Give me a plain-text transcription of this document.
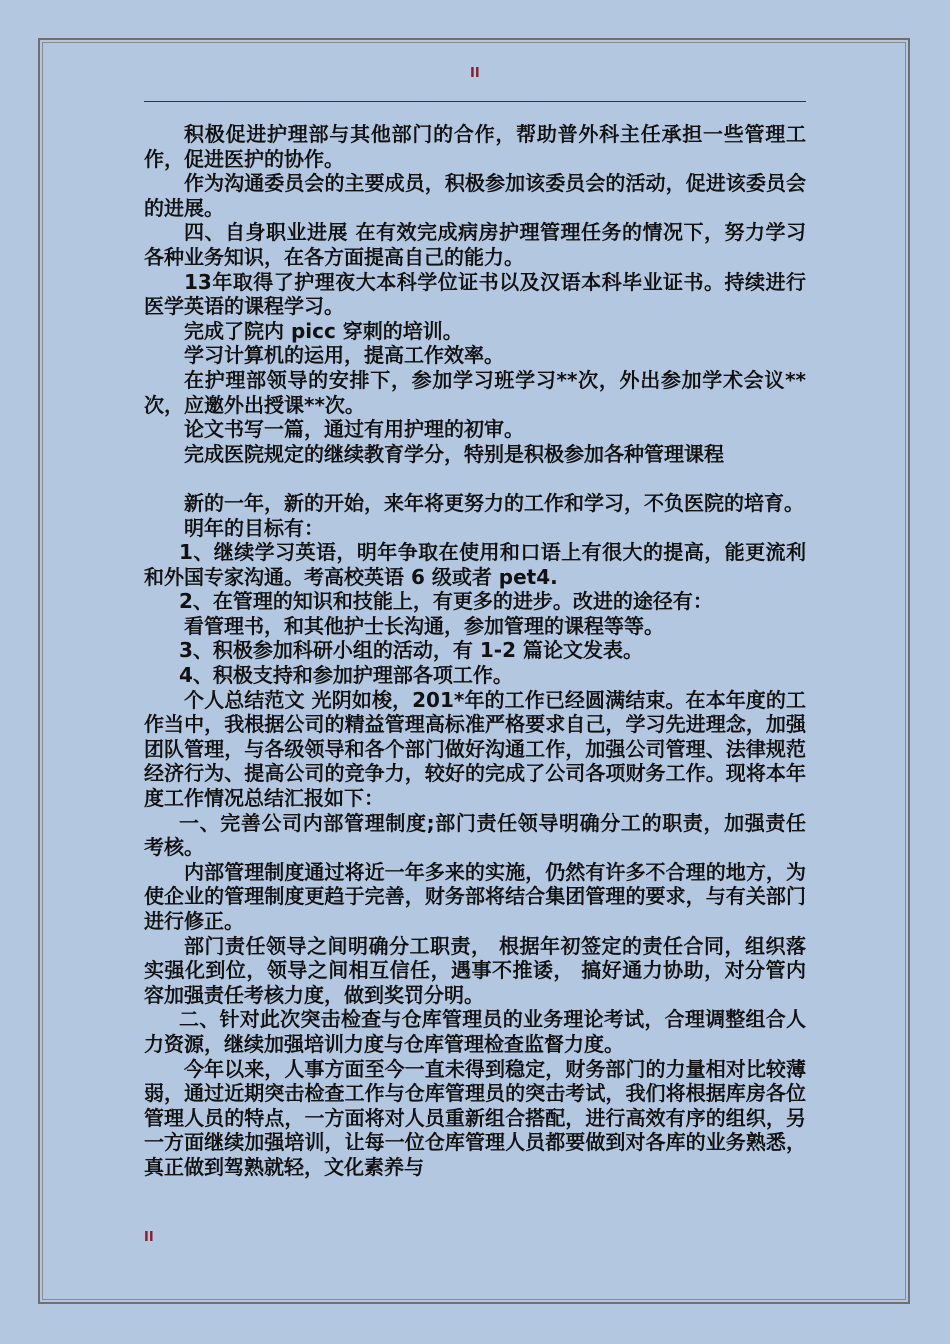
II

积极促进护理部与其他部门的合作，帮助普外科主任承担一些管理工作，促进医护的协作。

作为沟通委员会的主要成员，积极参加该委员会的活动，促进该委员会的进展。

四、自身职业进展 在有效完成病房护理管理任务的情况下，努力学习各种业务知识，在各方面提高自己的能力。

13年取得了护理夜大本科学位证书以及汉语本科毕业证书。持续进行医学英语的课程学习。

完成了院内 picc 穿刺的培训。

学习计算机的运用，提高工作效率。

在护理部领导的安排下，参加学习班学习**次，外出参加学术会议**次，应邀外出授课**次。

论文书写一篇，通过有用护理的初审。

完成医院规定的继续教育学分，特别是积极参加各种管理课程

新的一年，新的开始，来年将更努力的工作和学习，不负医院的培育。

明年的目标有：

1、继续学习英语，明年争取在使用和口语上有很大的提高，能更流利和外国专家沟通。考高校英语 6 级或者 pet4.

2、在管理的知识和技能上，有更多的进步。改进的途径有：

看管理书，和其他护士长沟通，参加管理的课程等等。

3、积极参加科研小组的活动，有 1-2 篇论文发表。

4、积极支持和参加护理部各项工作。

个人总结范文 光阴如梭，201*年的工作已经圆满结束。在本年度的工作当中，我根据公司的精益管理高标准严格要求自己，学习先进理念，加强团队管理，与各级领导和各个部门做好沟通工作，加强公司管理、法律规范经济行为、提高公司的竞争力，较好的完成了公司各项财务工作。现将本年度工作情况总结汇报如下：

一、完善公司内部管理制度;部门责任领导明确分工的职责，加强责任考核。

内部管理制度通过将近一年多来的实施，仍然有许多不合理的地方，为使企业的管理制度更趋于完善，财务部将结合集团管理的要求，与有关部门进行修正。

部门责任领导之间明确分工职责， 根据年初签定的责任合同，组织落实强化到位，领导之间相互信任，遇事不推诿， 搞好通力协助，对分管内容加强责任考核力度，做到奖罚分明。

二、针对此次突击检查与仓库管理员的业务理论考试，合理调整组合人力资源，继续加强培训力度与仓库管理检查监督力度。

今年以来，人事方面至今一直未得到稳定，财务部门的力量相对比较薄弱，通过近期突击检查工作与仓库管理员的突击考试，我们将根据库房各位管理人员的特点，一方面将对人员重新组合搭配，进行高效有序的组织，另一方面继续加强培训，让每一位仓库管理人员都要做到对各库的业务熟悉，真正做到驾熟就轻，文化素养与

II
